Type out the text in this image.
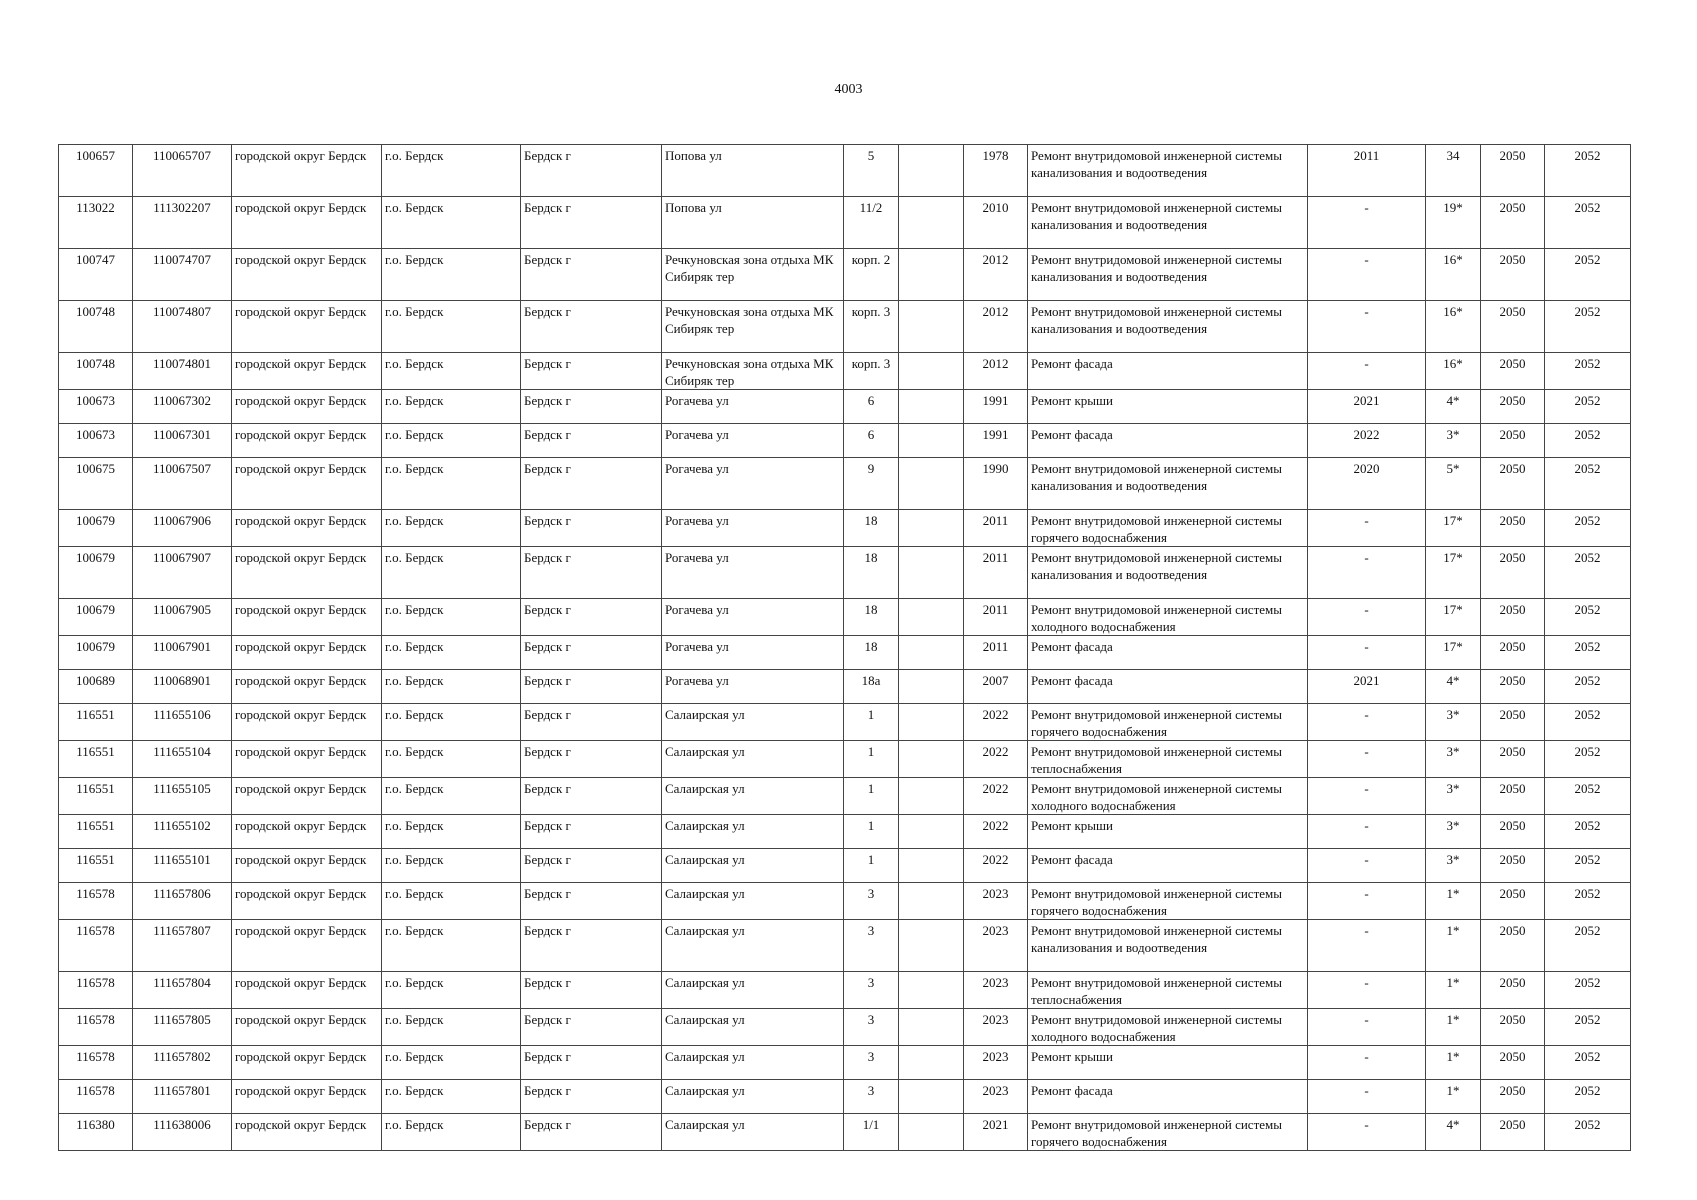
4003
100657	110065707	городской округ Бердск	г.о. Бердск	Бердск г	Попова ул	5		1978	Ремонт внутридомовой инженерной системы канализования и водоотведения	2011	34	2050	2052
113022	111302207	городской округ Бердск	г.о. Бердск	Бердск г	Попова ул	11/2		2010	Ремонт внутридомовой инженерной системы канализования и водоотведения	-	19*	2050	2052
100747	110074707	городской округ Бердск	г.о. Бердск	Бердск г	Речкуновская зона отдыха МК Сибиряк тер	корп. 2		2012	Ремонт внутридомовой инженерной системы канализования и водоотведения	-	16*	2050	2052
100748	110074807	городской округ Бердск	г.о. Бердск	Бердск г	Речкуновская зона отдыха МК Сибиряк тер	корп. 3		2012	Ремонт внутридомовой инженерной системы канализования и водоотведения	-	16*	2050	2052
100748	110074801	городской округ Бердск	г.о. Бердск	Бердск г	Речкуновская зона отдыха МК Сибиряк тер	корп. 3		2012	Ремонт фасада	-	16*	2050	2052
100673	110067302	городской округ Бердск	г.о. Бердск	Бердск г	Рогачева ул	6		1991	Ремонт крыши	2021	4*	2050	2052
100673	110067301	городской округ Бердск	г.о. Бердск	Бердск г	Рогачева ул	6		1991	Ремонт фасада	2022	3*	2050	2052
100675	110067507	городской округ Бердск	г.о. Бердск	Бердск г	Рогачева ул	9		1990	Ремонт внутридомовой инженерной системы канализования и водоотведения	2020	5*	2050	2052
100679	110067906	городской округ Бердск	г.о. Бердск	Бердск г	Рогачева ул	18		2011	Ремонт внутридомовой инженерной системы горячего водоснабжения	-	17*	2050	2052
100679	110067907	городской округ Бердск	г.о. Бердск	Бердск г	Рогачева ул	18		2011	Ремонт внутридомовой инженерной системы канализования и водоотведения	-	17*	2050	2052
100679	110067905	городской округ Бердск	г.о. Бердск	Бердск г	Рогачева ул	18		2011	Ремонт внутридомовой инженерной системы холодного водоснабжения	-	17*	2050	2052
100679	110067901	городской округ Бердск	г.о. Бердск	Бердск г	Рогачева ул	18		2011	Ремонт фасада	-	17*	2050	2052
100689	110068901	городской округ Бердск	г.о. Бердск	Бердск г	Рогачева ул	18а		2007	Ремонт фасада	2021	4*	2050	2052
116551	111655106	городской округ Бердск	г.о. Бердск	Бердск г	Салаирская ул	1		2022	Ремонт внутридомовой инженерной системы горячего водоснабжения	-	3*	2050	2052
116551	111655104	городской округ Бердск	г.о. Бердск	Бердск г	Салаирская ул	1		2022	Ремонт внутридомовой инженерной системы теплоснабжения	-	3*	2050	2052
116551	111655105	городской округ Бердск	г.о. Бердск	Бердск г	Салаирская ул	1		2022	Ремонт внутридомовой инженерной системы холодного водоснабжения	-	3*	2050	2052
116551	111655102	городской округ Бердск	г.о. Бердск	Бердск г	Салаирская ул	1		2022	Ремонт крыши	-	3*	2050	2052
116551	111655101	городской округ Бердск	г.о. Бердск	Бердск г	Салаирская ул	1		2022	Ремонт фасада	-	3*	2050	2052
116578	111657806	городской округ Бердск	г.о. Бердск	Бердск г	Салаирская ул	3		2023	Ремонт внутридомовой инженерной системы горячего водоснабжения	-	1*	2050	2052
116578	111657807	городской округ Бердск	г.о. Бердск	Бердск г	Салаирская ул	3		2023	Ремонт внутридомовой инженерной системы канализования и водоотведения	-	1*	2050	2052
116578	111657804	городской округ Бердск	г.о. Бердск	Бердск г	Салаирская ул	3		2023	Ремонт внутридомовой инженерной системы теплоснабжения	-	1*	2050	2052
116578	111657805	городской округ Бердск	г.о. Бердск	Бердск г	Салаирская ул	3		2023	Ремонт внутридомовой инженерной системы холодного водоснабжения	-	1*	2050	2052
116578	111657802	городской округ Бердск	г.о. Бердск	Бердск г	Салаирская ул	3		2023	Ремонт крыши	-	1*	2050	2052
116578	111657801	городской округ Бердск	г.о. Бердск	Бердск г	Салаирская ул	3		2023	Ремонт фасада	-	1*	2050	2052
116380	111638006	городской округ Бердск	г.о. Бердск	Бердск г	Салаирская ул	1/1		2021	Ремонт внутридомовой инженерной системы горячего водоснабжения	-	4*	2050	2052
